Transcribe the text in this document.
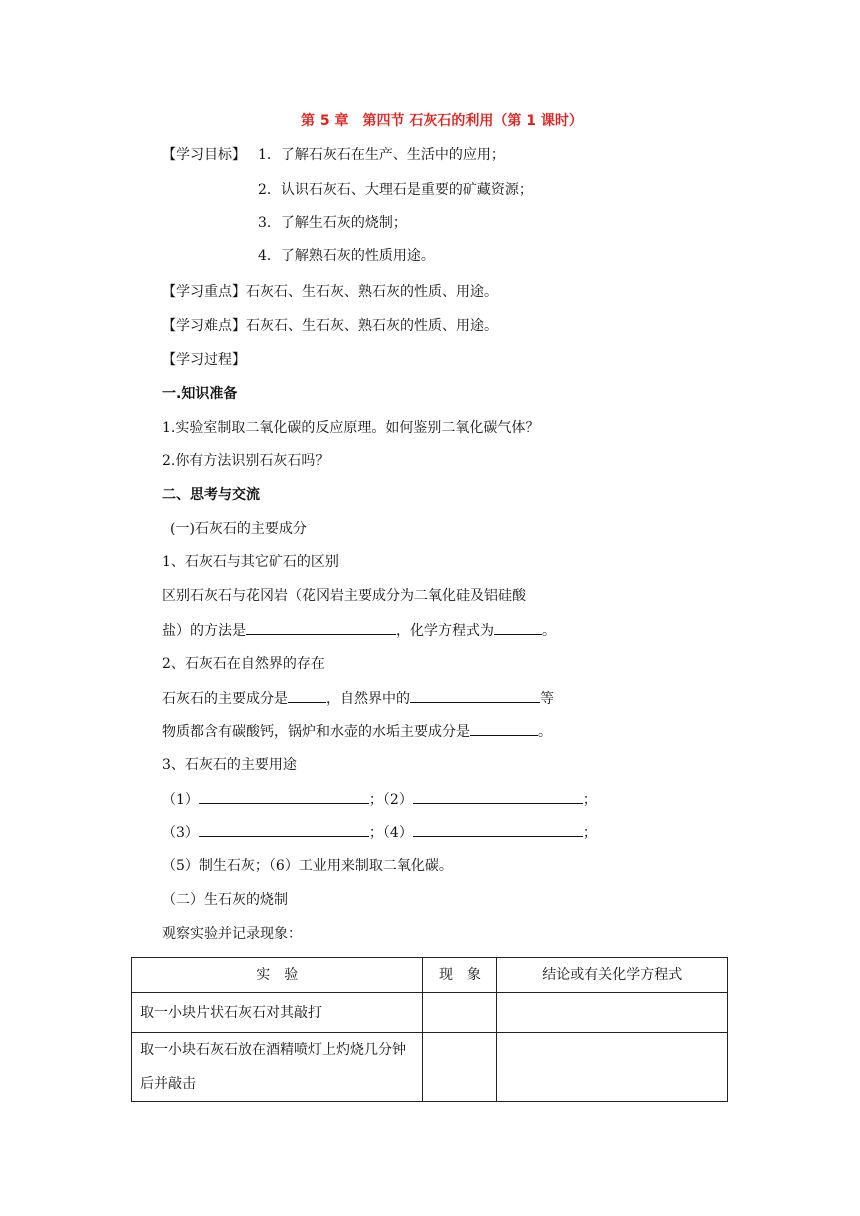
第 5 章　第四节 石灰石的利用（第 1 课时）
【学习目标】 1．了解石灰石在生产、生活中的应用；
2．认识石灰石、大理石是重要的矿藏资源；
3．了解生石灰的烧制；
4．了解熟石灰的性质用途。
【学习重点】石灰石、生石灰、熟石灰的性质、用途。
【学习难点】石灰石、生石灰、熟石灰的性质、用途。
【学习过程】
一.知识准备
1.实验室制取二氧化碳的反应原理。如何鉴别二氧化碳气体？
2.你有方法识别石灰石吗？
二、思考与交流
(一)石灰石的主要成分
1、石灰石与其它矿石的区别
区别石灰石与花冈岩（花冈岩主要成分为二氧化硅及铝硅酸
盐）的方法是	，化学方程式为	。
2、石灰石在自然界的存在
石灰石的主要成分是	，自然界中的	等
物质都含有碳酸钙，锅炉和水壶的水垢主要成分是	。
3、石灰石的主要用途
（1）	；（2）	；
（3）	；（4）	；
（5）制生石灰；（6）工业用来制取二氧化碳。
（二）生石灰的烧制
观察实验并记录现象：
实　验	现　象	结论或有关化学方程式
取一小块片状石灰石对其敲打		
取一小块石灰石放在酒精喷灯上灼烧几分钟后并敲击		
